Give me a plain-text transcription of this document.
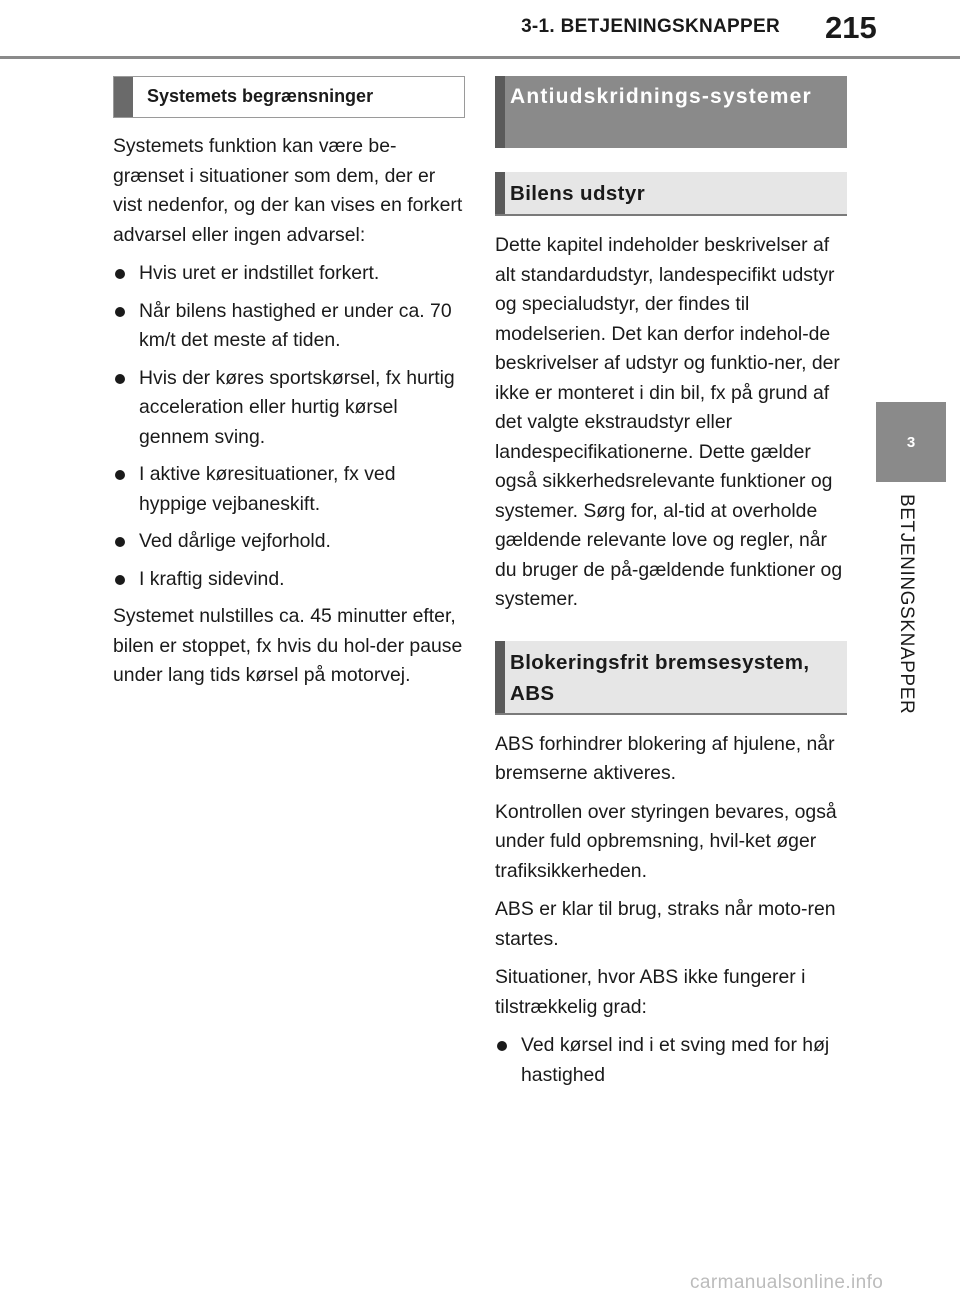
3-1. BETJENINGSKNAPPER 215
3
BETJENINGSKNAPPER
Systemets begrænsninger

Systemets funktion kan være be-grænset i situationer som dem, der er vist nedenfor, og der kan vises en forkert advarsel eller ingen advarsel:

Hvis uret er indstillet forkert.
Når bilens hastighed er under ca. 70 km/t det meste af tiden.
Hvis der køres sportskørsel, fx hurtig acceleration eller hurtig kørsel gennem sving.
I aktive køresituationer, fx ved hyppige vejbaneskift.
Ved dårlige vejforhold.
I kraftig sidevind.

Systemet nulstilles ca. 45 minutter efter, bilen er stoppet, fx hvis du hol-der pause under lang tids kørsel på motorvej.

Antiudskridnings-systemer
Bilens udstyr

Dette kapitel indeholder beskrivelser af alt standardudstyr, landespecifikt udstyr og specialudstyr, der findes til modelserien. Det kan derfor indehol-de beskrivelser af udstyr og funktio-ner, der ikke er monteret i din bil, fx på grund af det valgte ekstraudstyr eller landespecifikationerne. Dette gælder også sikkerhedsrelevante funktioner og systemer. Sørg for, al-tid at overholde gældende relevante love og regler, når du bruger de på-gældende funktioner og systemer.

Blokeringsfrit bremsesystem, ABS

ABS forhindrer blokering af hjulene, når bremserne aktiveres.

Kontrollen over styringen bevares, også under fuld opbremsning, hvil-ket øger trafiksikkerheden.

ABS er klar til brug, straks når moto-ren startes.

Situationer, hvor ABS ikke fungerer i tilstrækkelig grad:

Ved kørsel ind i et sving med for høj hastighed
carmanualsonline.info
